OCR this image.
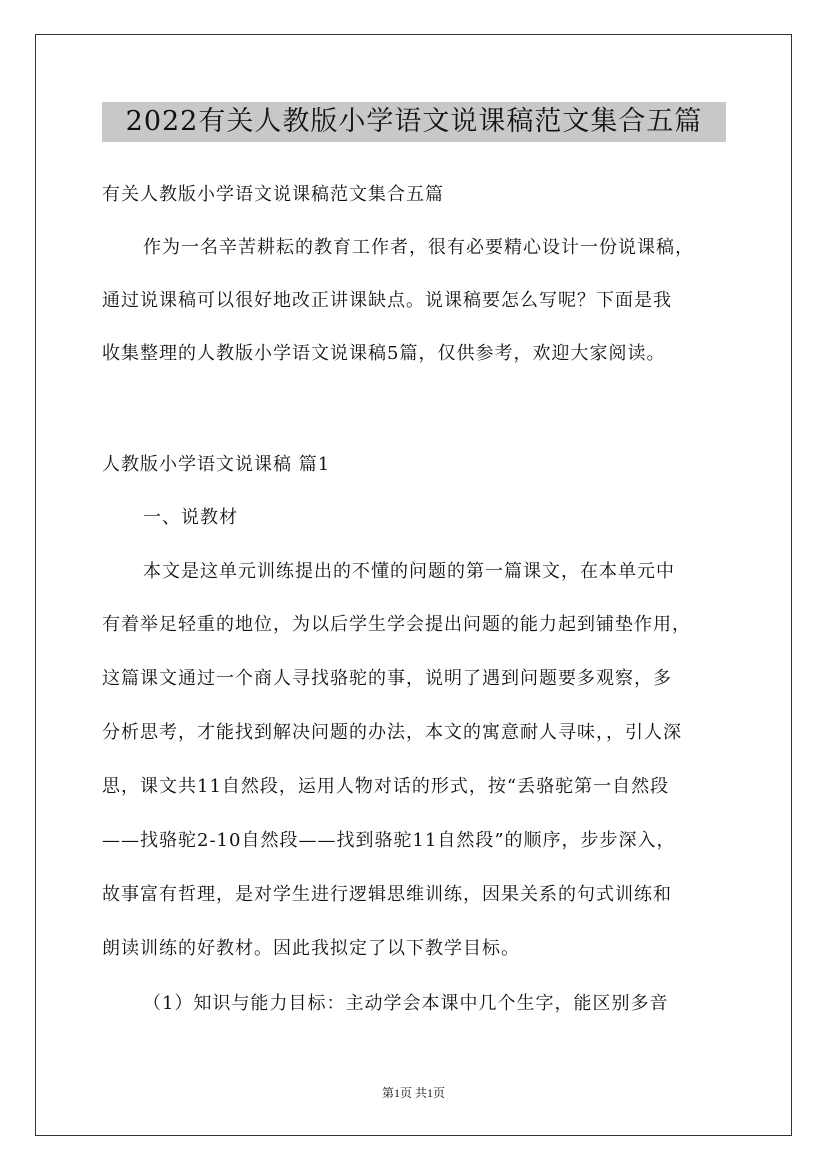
2022有关人教版小学语文说课稿范文集合五篇
有关人教版小学语文说课稿范文集合五篇
作为一名辛苦耕耘的教育工作者，很有必要精心设计一份说课稿，
通过说课稿可以很好地改正讲课缺点。说课稿要怎么写呢？下面是我
收集整理的人教版小学语文说课稿5篇，仅供参考，欢迎大家阅读。
人教版小学语文说课稿 篇1
一、说教材
本文是这单元训练提出的不懂的问题的第一篇课文，在本单元中
有着举足轻重的地位，为以后学生学会提出问题的能力起到铺垫作用，
这篇课文通过一个商人寻找骆驼的事，说明了遇到问题要多观察，多
分析思考，才能找到解决问题的办法，本文的寓意耐人寻味，，引人深
思，课文共11自然段，运用人物对话的形式，按“丢骆驼第一自然段
——找骆驼2-10自然段——找到骆驼11自然段”的顺序，步步深入，
故事富有哲理，是对学生进行逻辑思维训练，因果关系的句式训练和
朗读训练的好教材。因此我拟定了以下教学目标。
（1）知识与能力目标：主动学会本课中几个生字，能区别多音
第1页 共1页
